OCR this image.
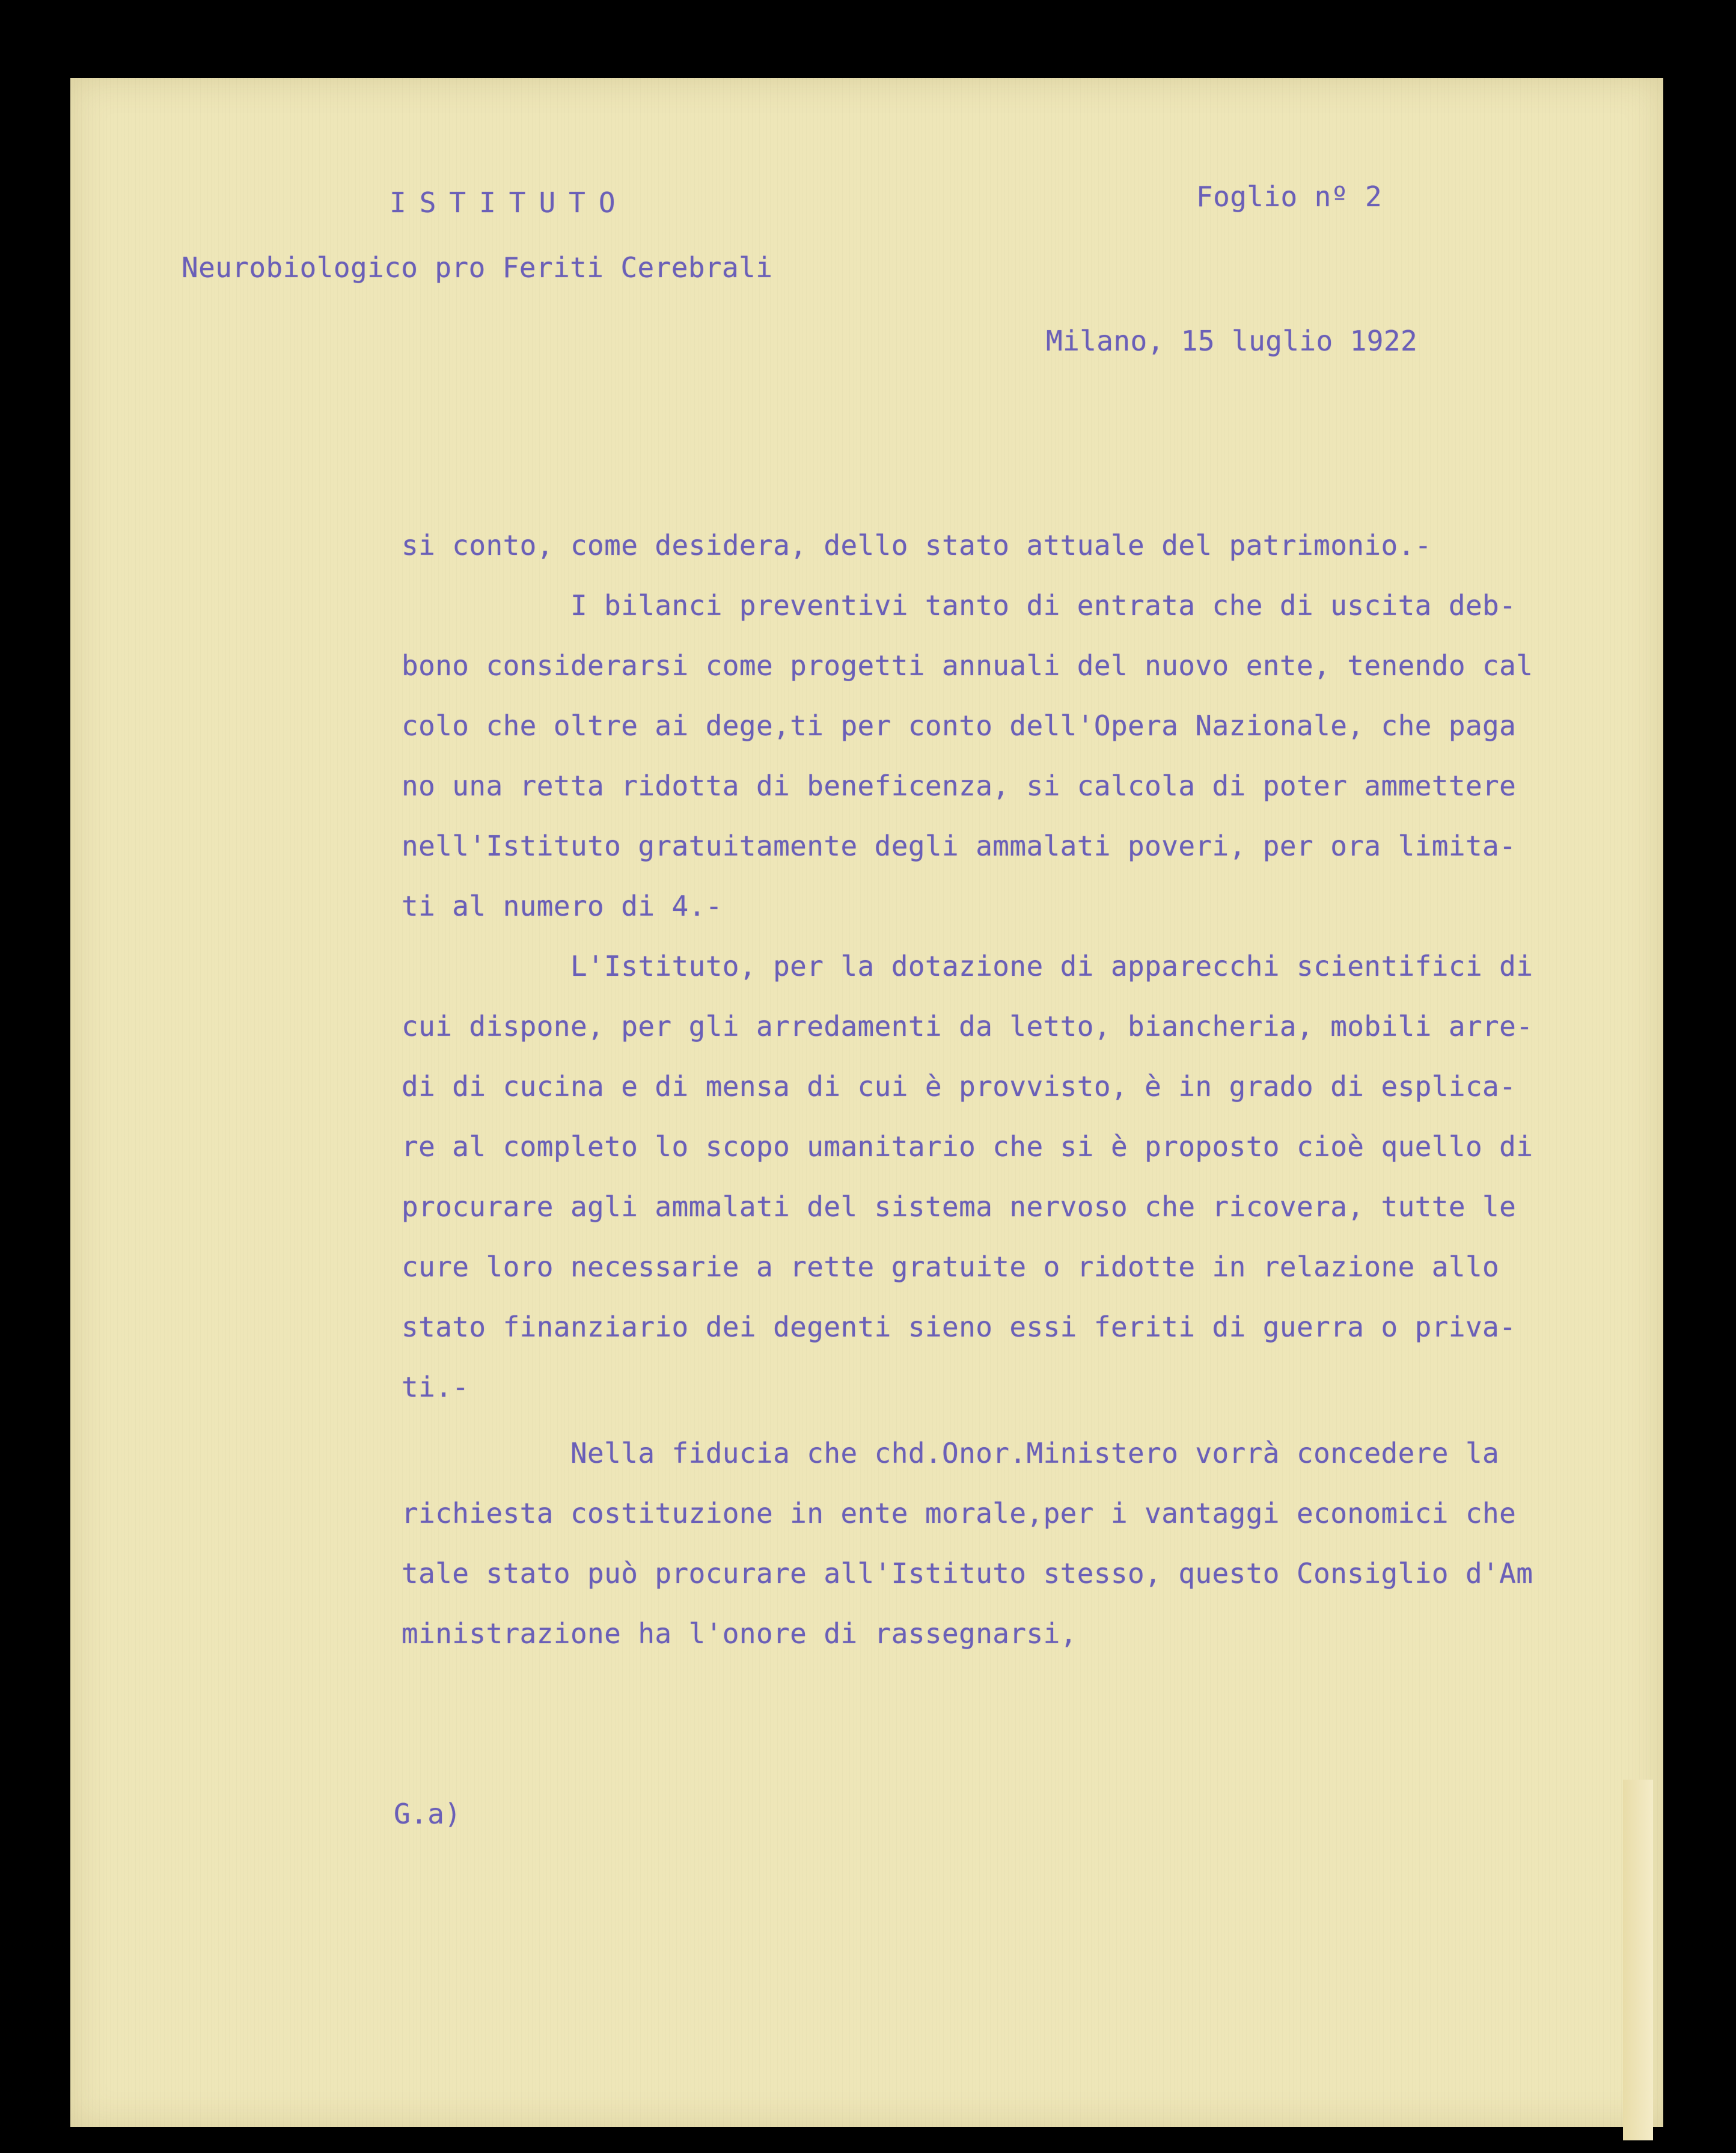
ISTITUTO
Neurobiologico pro Feriti Cerebrali
Foglio nº 2
Milano, 15 luglio 1922
si conto, come desidera, dello stato attuale del patrimonio.-
I bilanci preventivi tanto di entrata che di uscita deb-
bono considerarsi come progetti annuali del nuovo ente, tenendo cal
colo che oltre ai dege,ti per conto dell'Opera Nazionale, che paga
no una retta ridotta di beneficenza, si calcola di poter ammettere
nell'Istituto gratuitamente degli ammalati poveri, per ora limita-
ti al numero di 4.-
L'Istituto, per la dotazione di apparecchi scientifici di
cui dispone, per gli arredamenti da letto, biancheria, mobili arre-
di di cucina e di mensa di cui è provvisto, è in grado di esplica-
re al completo lo scopo umanitario che si è proposto cioè quello di
procurare agli ammalati del sistema nervoso che ricovera, tutte le
cure loro necessarie a rette gratuite o ridotte in relazione allo
stato finanziario dei degenti sieno essi feriti di guerra o priva-
ti.-
Nella fiducia che chd.Onor.Ministero vorrà concedere la
richiesta costituzione in ente morale,per i vantaggi economici che
tale stato può procurare all'Istituto stesso, questo Consiglio d'Am
ministrazione ha l'onore di rassegnarsi,
G.a)
